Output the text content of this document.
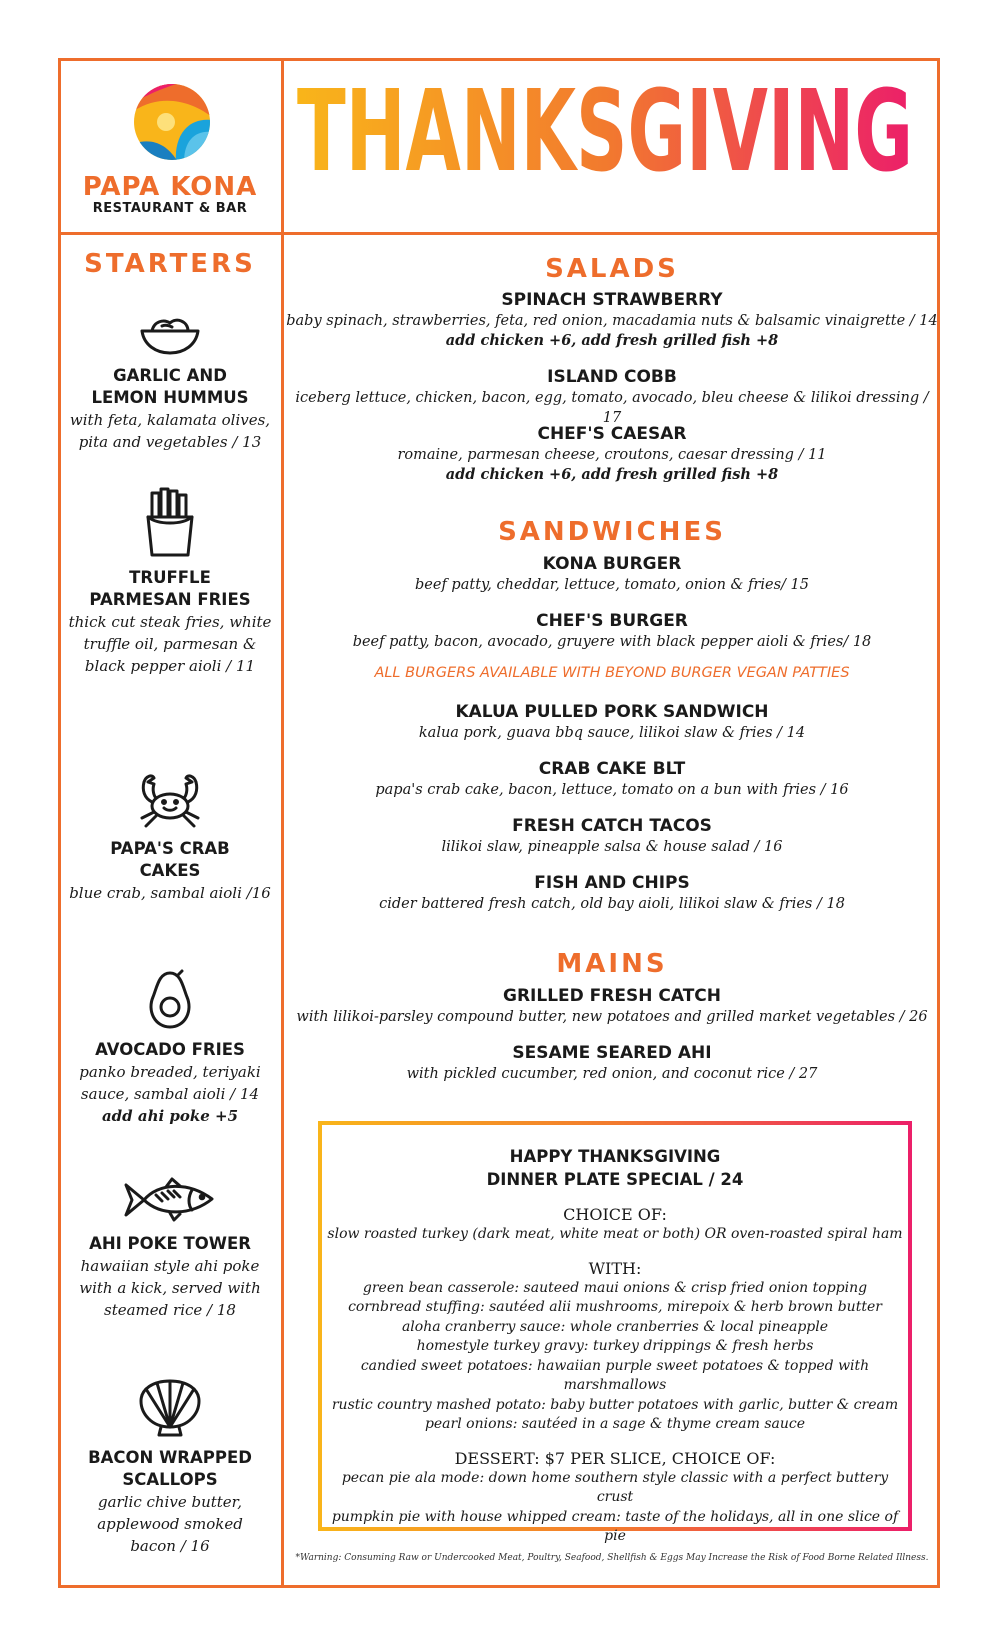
PAPA KONA
RESTAURANT & BAR
THANKSGIVING
STARTERS
GARLIC AND
LEMON HUMMUS
with feta, kalamata olives,
pita and vegetables / 13
TRUFFLE
PARMESAN FRIES
thick cut steak fries, white
truffle oil, parmesan &
black pepper aioli / 11
PAPA'S CRAB
CAKES
blue crab, sambal aioli /16
AVOCADO FRIES
panko breaded, teriyaki
sauce, sambal aioli / 14
add ahi poke +5
AHI POKE TOWER
hawaiian style ahi poke
with a kick, served with
steamed rice / 18
BACON WRAPPED
SCALLOPS
garlic chive butter,
applewood smoked
bacon / 16
SALADS
SPINACH STRAWBERRY
baby spinach, strawberries, feta, red onion, macadamia nuts & balsamic vinaigrette / 14
add chicken +6, add fresh grilled fish +8
ISLAND COBB
iceberg lettuce, chicken, bacon, egg, tomato, avocado, bleu cheese & lilikoi dressing / 17
CHEF'S CAESAR
romaine, parmesan cheese, croutons, caesar dressing / 11
add chicken +6, add fresh grilled fish +8
SANDWICHES
KONA BURGER
beef patty, cheddar, lettuce, tomato, onion & fries/ 15
CHEF'S BURGER
beef patty, bacon, avocado, gruyere with black pepper aioli & fries/ 18
ALL BURGERS AVAILABLE WITH BEYOND BURGER VEGAN PATTIES
KALUA PULLED PORK SANDWICH
kalua pork, guava bbq sauce, lilikoi slaw & fries / 14
CRAB CAKE BLT
papa's crab cake, bacon, lettuce, tomato on a bun with fries / 16
FRESH CATCH TACOS
lilikoi slaw, pineapple salsa & house salad / 16
FISH AND CHIPS
cider battered fresh catch, old bay aioli, lilikoi slaw & fries / 18
MAINS
GRILLED FRESH CATCH
with lilikoi-parsley compound butter, new potatoes and grilled market vegetables / 26
SESAME SEARED AHI
with pickled cucumber, red onion, and coconut rice / 27
HAPPY THANKSGIVING
DINNER PLATE SPECIAL / 24
CHOICE OF:
slow roasted turkey (dark meat, white meat or both) OR oven-roasted spiral ham
WITH:
green bean casserole: sauteed maui onions & crisp fried onion topping
cornbread stuffing: sautéed alii mushrooms, mirepoix & herb brown butter
aloha cranberry sauce: whole cranberries & local pineapple
homestyle turkey gravy: turkey drippings & fresh herbs
candied sweet potatoes: hawaiian purple sweet potatoes & topped with marshmallows
rustic country mashed potato: baby butter potatoes with garlic, butter & cream
pearl onions: sautéed in a sage & thyme cream sauce
DESSERT: $7 PER SLICE, CHOICE OF:
pecan pie ala mode: down home southern style classic with a perfect buttery crust
pumpkin pie with house whipped cream: taste of the holidays, all in one slice of pie
*Warning: Consuming Raw or Undercooked Meat, Poultry, Seafood, Shellfish & Eggs May Increase the Risk of Food Borne Related Illness.
